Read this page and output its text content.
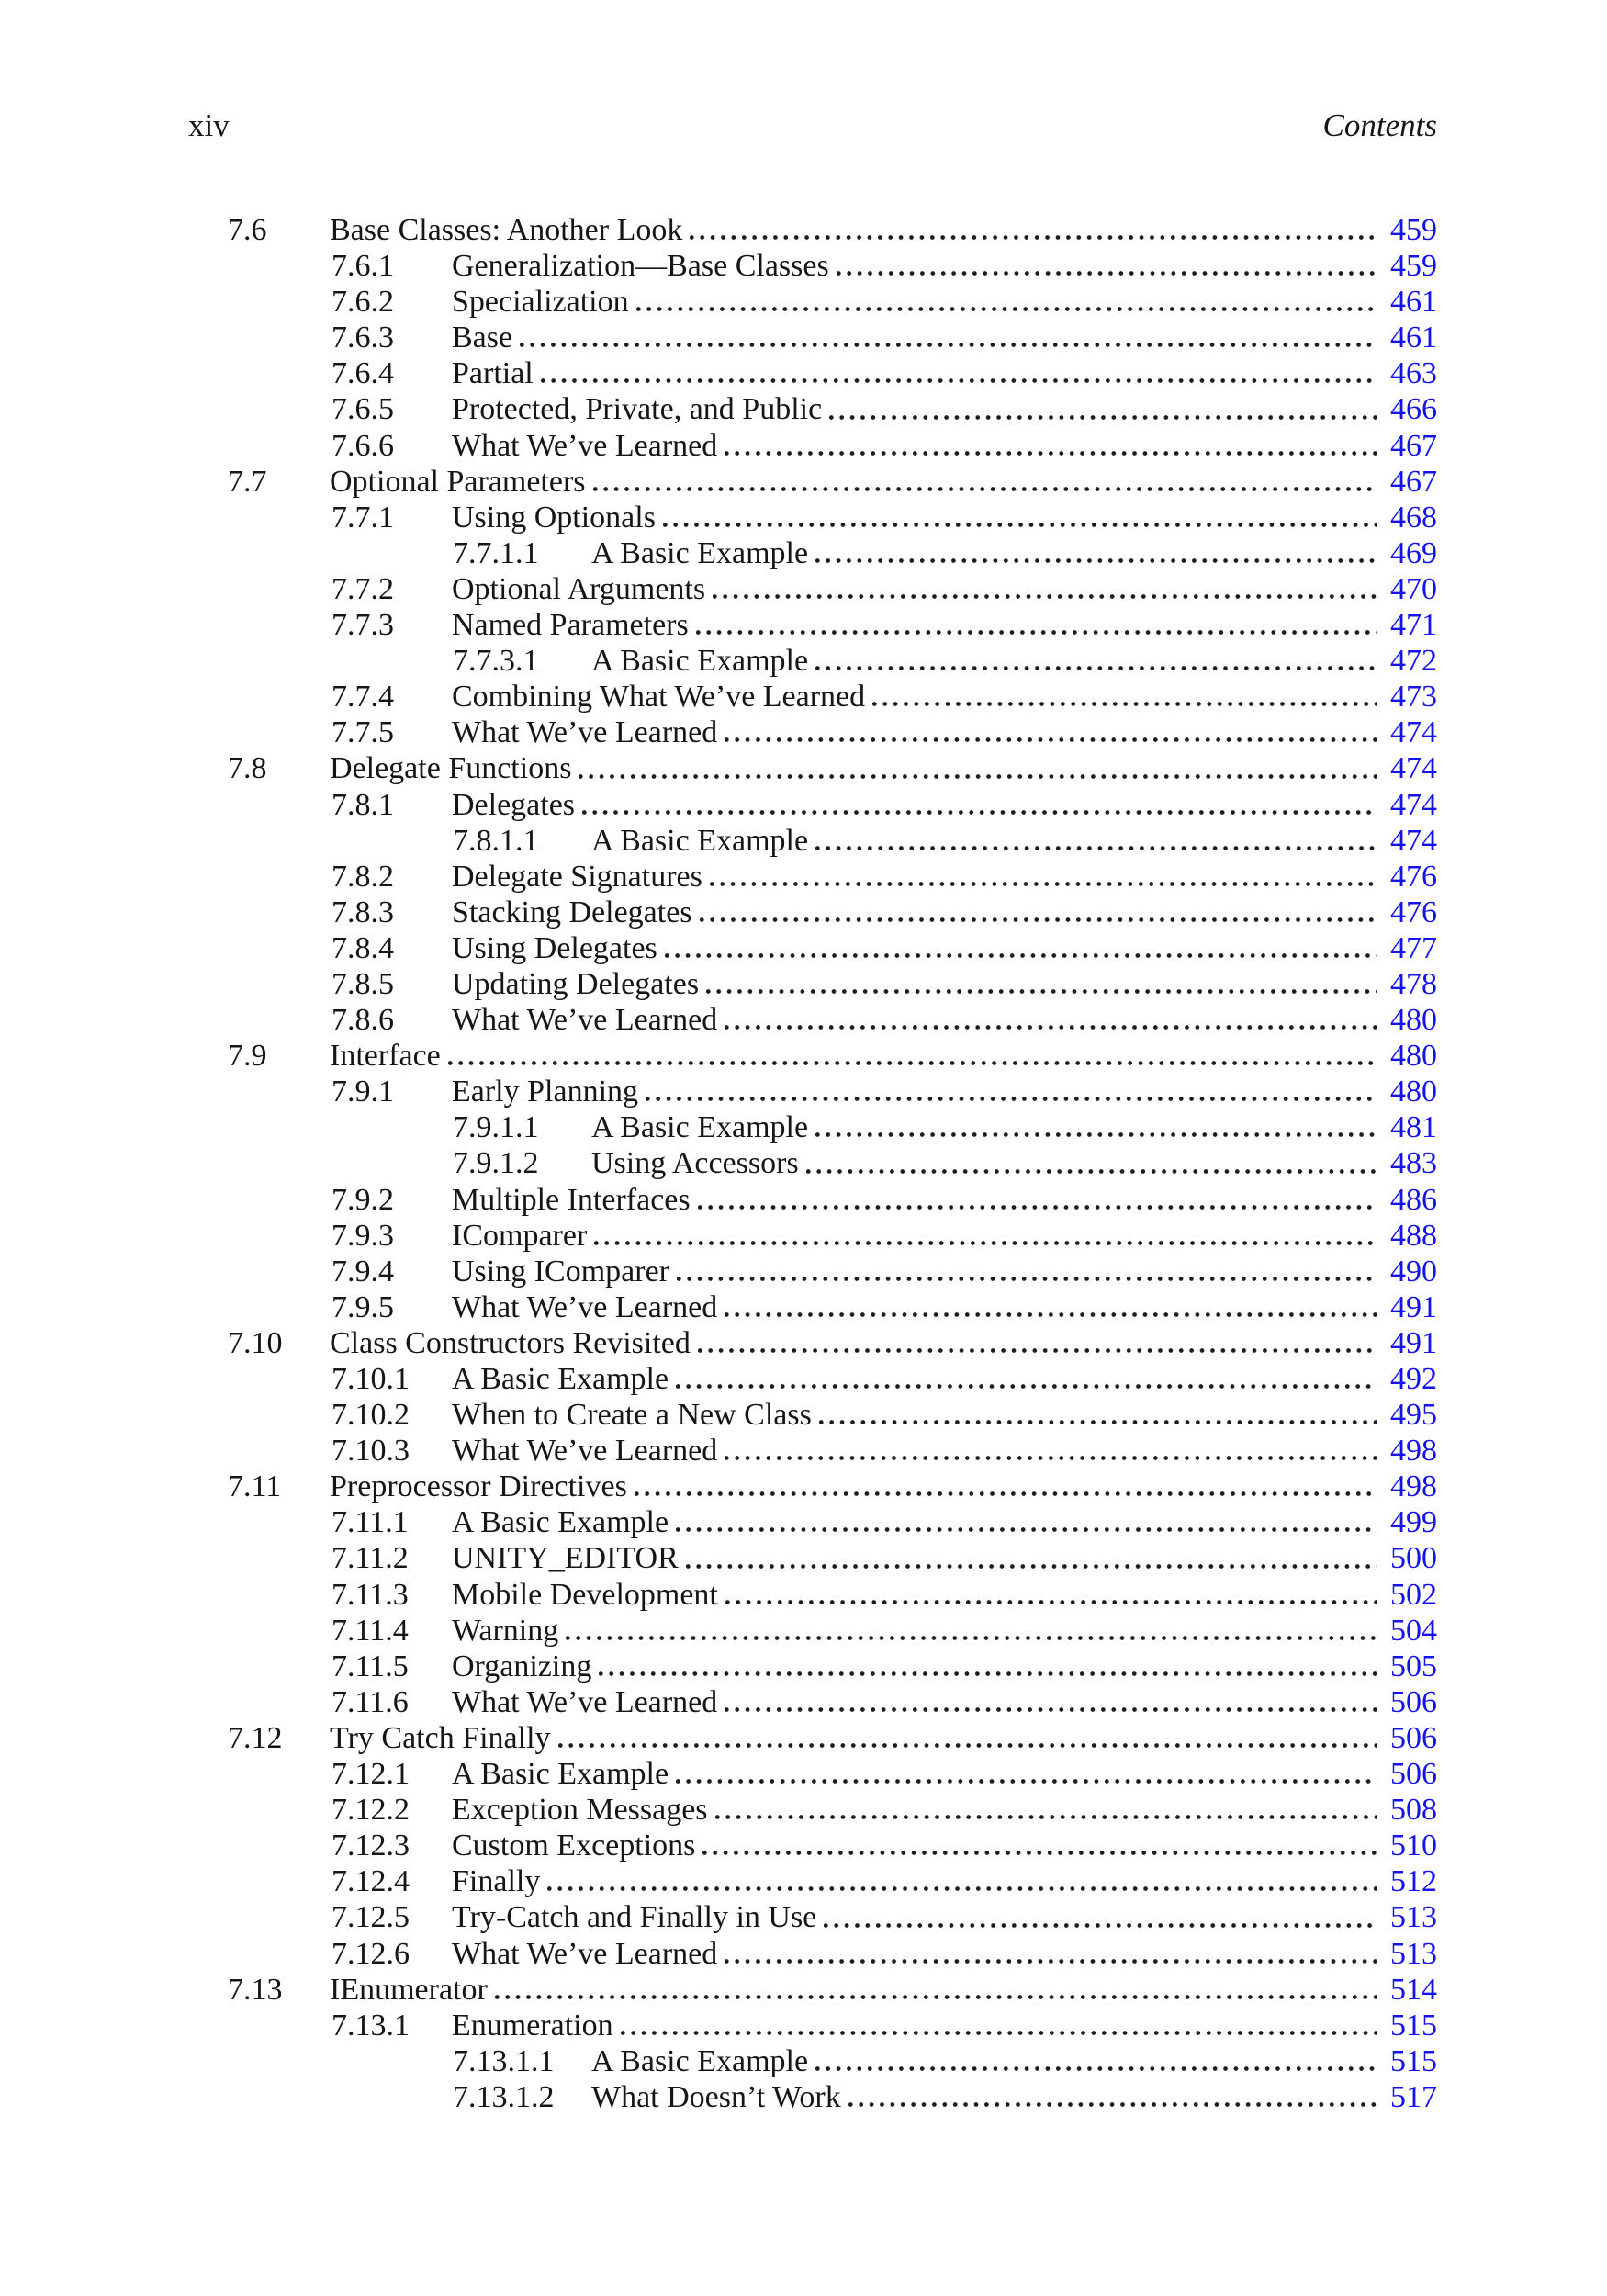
xiv	Contents
7.6	Base Classes: Another Look	459
7.6.1	Generalization—Base Classes	459
7.6.2	Specialization	461
7.6.3	Base	461
7.6.4	Partial	463
7.6.5	Protected, Private, and Public	466
7.6.6	What We’ve Learned	467
7.7	Optional Parameters	467
7.7.1	Using Optionals	468
7.7.1.1	A Basic Example	469
7.7.2	Optional Arguments	470
7.7.3	Named Parameters	471
7.7.3.1	A Basic Example	472
7.7.4	Combining What We’ve Learned	473
7.7.5	What We’ve Learned	474
7.8	Delegate Functions	474
7.8.1	Delegates	474
7.8.1.1	A Basic Example	474
7.8.2	Delegate Signatures	476
7.8.3	Stacking Delegates	476
7.8.4	Using Delegates	477
7.8.5	Updating Delegates	478
7.8.6	What We’ve Learned	480
7.9	Interface	480
7.9.1	Early Planning	480
7.9.1.1	A Basic Example	481
7.9.1.2	Using Accessors	483
7.9.2	Multiple Interfaces	486
7.9.3	IComparer	488
7.9.4	Using IComparer	490
7.9.5	What We’ve Learned	491
7.10	Class Constructors Revisited	491
7.10.1	A Basic Example	492
7.10.2	When to Create a New Class	495
7.10.3	What We’ve Learned	498
7.11	Preprocessor Directives	498
7.11.1	A Basic Example	499
7.11.2	UNITY_EDITOR	500
7.11.3	Mobile Development	502
7.11.4	Warning	504
7.11.5	Organizing	505
7.11.6	What We’ve Learned	506
7.12	Try Catch Finally	506
7.12.1	A Basic Example	506
7.12.2	Exception Messages	508
7.12.3	Custom Exceptions	510
7.12.4	Finally	512
7.12.5	Try-Catch and Finally in Use	513
7.12.6	What We’ve Learned	513
7.13	IEnumerator	514
7.13.1	Enumeration	515
7.13.1.1	A Basic Example	515
7.13.1.2	What Doesn’t Work	517
